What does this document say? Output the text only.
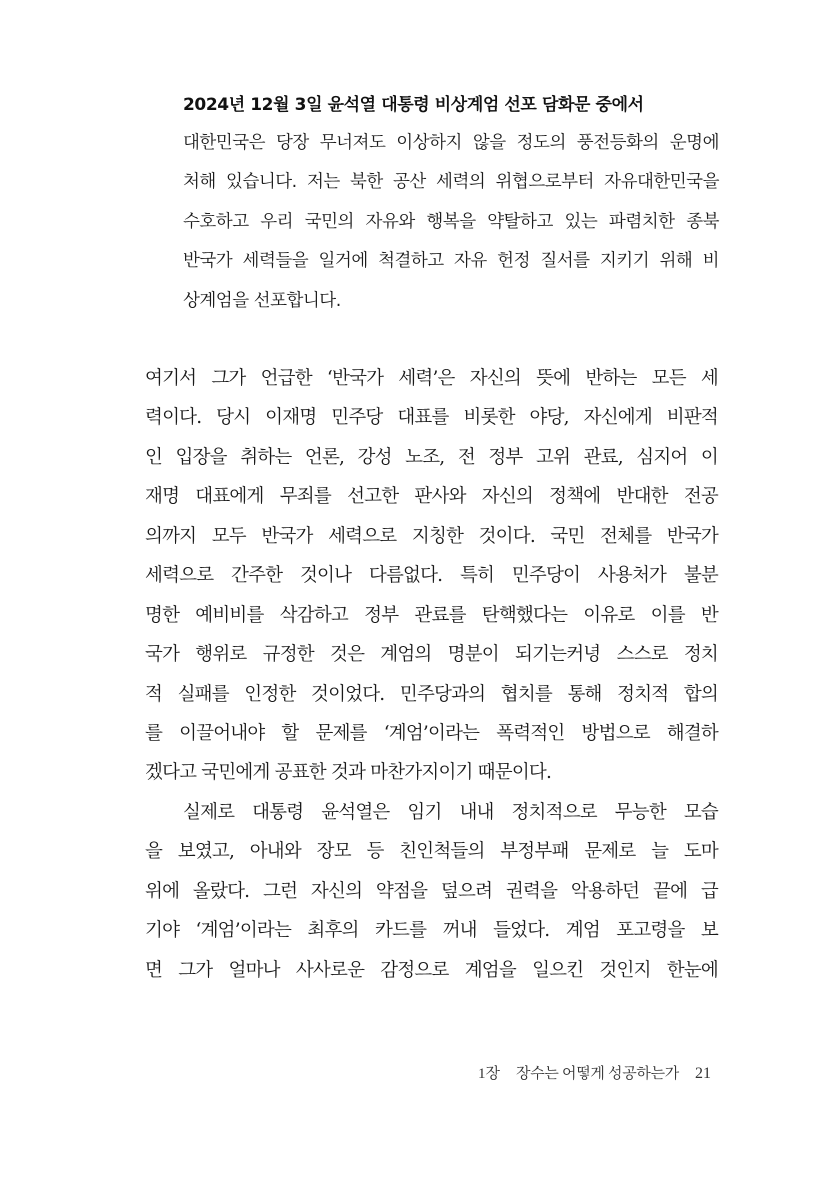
2024년 12월 3일 윤석열 대통령 비상계엄 선포 담화문 중에서
대한민국은 당장 무너져도 이상하지 않을 정도의 풍전등화의 운명에
처해 있습니다. 저는 북한 공산 세력의 위협으로부터 자유대한민국을
수호하고 우리 국민의 자유와 행복을 약탈하고 있는 파렴치한 종북
반국가 세력들을 일거에 척결하고 자유 헌정 질서를 지키기 위해 비
상계엄을 선포합니다.
여기서 그가 언급한 ‘반국가 세력’은 자신의 뜻에 반하는 모든 세
력이다. 당시 이재명 민주당 대표를 비롯한 야당, 자신에게 비판적
인 입장을 취하는 언론, 강성 노조, 전 정부 고위 관료, 심지어 이
재명 대표에게 무죄를 선고한 판사와 자신의 정책에 반대한 전공
의까지 모두 반국가 세력으로 지칭한 것이다. 국민 전체를 반국가
세력으로 간주한 것이나 다름없다. 특히 민주당이 사용처가 불분
명한 예비비를 삭감하고 정부 관료를 탄핵했다는 이유로 이를 반
국가 행위로 규정한 것은 계엄의 명분이 되기는커녕 스스로 정치
적 실패를 인정한 것이었다. 민주당과의 협치를 통해 정치적 합의
를 이끌어내야 할 문제를 ‘계엄’이라는 폭력적인 방법으로 해결하
겠다고 국민에게 공표한 것과 마찬가지이기 때문이다.
실제로 대통령 윤석열은 임기 내내 정치적으로 무능한 모습
을 보였고, 아내와 장모 등 친인척들의 부정부패 문제로 늘 도마
위에 올랐다. 그런 자신의 약점을 덮으려 권력을 악용하던 끝에 급
기야 ‘계엄’이라는 최후의 카드를 꺼내 들었다. 계엄 포고령을 보
면 그가 얼마나 사사로운 감정으로 계엄을 일으킨 것인지 한눈에
1장 장수는 어떻게 성공하는가 21
